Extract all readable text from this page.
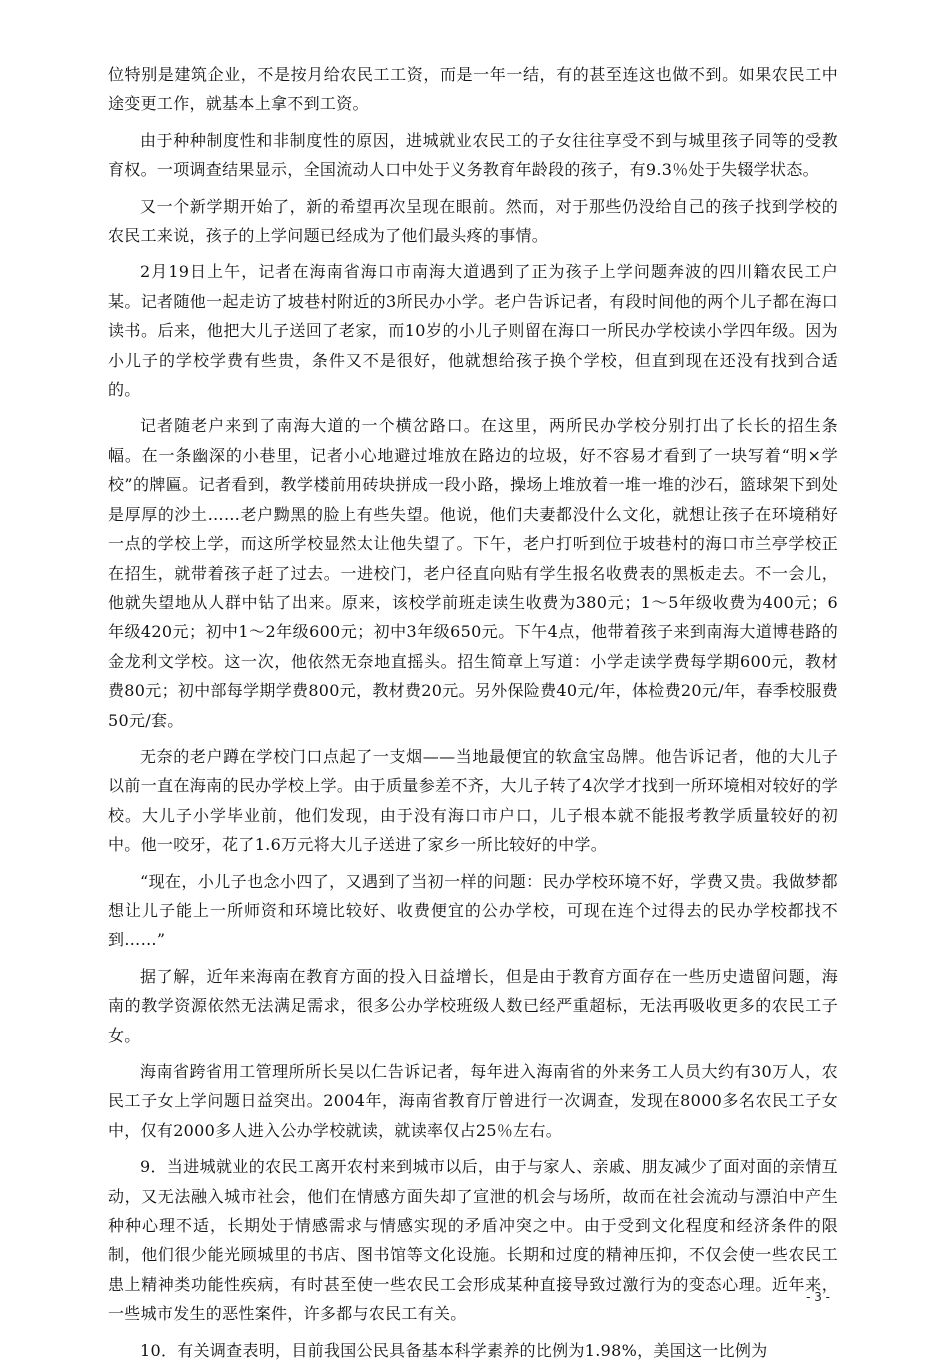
位特别是建筑企业，不是按月给农民工工资，而是一年一结，有的甚至连这也做不到。如果农民工中途变更工作，就基本上拿不到工资。

由于种种制度性和非制度性的原因，进城就业农民工的子女往往享受不到与城里孩子同等的受教育权。一项调查结果显示，全国流动人口中处于义务教育年龄段的孩子，有9.3％处于失辍学状态。

又一个新学期开始了，新的希望再次呈现在眼前。然而，对于那些仍没给自己的孩子找到学校的农民工来说，孩子的上学问题已经成为了他们最头疼的事情。

2月19日上午，记者在海南省海口市南海大道遇到了正为孩子上学问题奔波的四川籍农民工户某。记者随他一起走访了坡巷村附近的3所民办小学。老户告诉记者，有段时间他的两个儿子都在海口读书。后来，他把大儿子送回了老家，而10岁的小儿子则留在海口一所民办学校读小学四年级。因为小儿子的学校学费有些贵，条件又不是很好，他就想给孩子换个学校，但直到现在还没有找到合适的。

记者随老户来到了南海大道的一个横岔路口。在这里，两所民办学校分别打出了长长的招生条幅。在一条幽深的小巷里，记者小心地避过堆放在路边的垃圾，好不容易才看到了一块写着“明×学校”的牌匾。记者看到，教学楼前用砖块拼成一段小路，操场上堆放着一堆一堆的沙石，篮球架下到处是厚厚的沙土……老户黝黑的脸上有些失望。他说，他们夫妻都没什么文化，就想让孩子在环境稍好一点的学校上学，而这所学校显然太让他失望了。下午，老户打听到位于坡巷村的海口市兰亭学校正在招生，就带着孩子赶了过去。一进校门，老户径直向贴有学生报名收费表的黑板走去。不一会儿，他就失望地从人群中钻了出来。原来，该校学前班走读生收费为380元；1～5年级收费为400元；6年级420元；初中1～2年级600元；初中3年级650元。下午4点，他带着孩子来到南海大道博巷路的金龙利文学校。这一次，他依然无奈地直摇头。招生简章上写道：小学走读学费每学期600元，教材费80元；初中部每学期学费800元，教材费20元。另外保险费40元/年，体检费20元/年，春季校服费50元/套。

无奈的老户蹲在学校门口点起了一支烟——当地最便宜的软盒宝岛牌。他告诉记者，他的大儿子以前一直在海南的民办学校上学。由于质量参差不齐，大儿子转了4次学才找到一所环境相对较好的学校。大儿子小学毕业前，他们发现，由于没有海口市户口，儿子根本就不能报考教学质量较好的初中。他一咬牙，花了1.6万元将大儿子送进了家乡一所比较好的中学。

“现在，小儿子也念小四了，又遇到了当初一样的问题：民办学校环境不好，学费又贵。我做梦都想让儿子能上一所师资和环境比较好、收费便宜的公办学校，可现在连个过得去的民办学校都找不到……”

据了解，近年来海南在教育方面的投入日益增长，但是由于教育方面存在一些历史遗留问题，海南的教学资源依然无法满足需求，很多公办学校班级人数已经严重超标，无法再吸收更多的农民工子女。

海南省跨省用工管理所所长吴以仁告诉记者，每年进入海南省的外来务工人员大约有30万人，农民工子女上学问题日益突出。2004年，海南省教育厅曾进行一次调查，发现在8000多名农民工子女中，仅有2000多人进入公办学校就读，就读率仅占25％左右。

9．当进城就业的农民工离开农村来到城市以后，由于与家人、亲戚、朋友减少了面对面的亲情互动，又无法融入城市社会，他们在情感方面失却了宣泄的机会与场所，故而在社会流动与漂泊中产生种种心理不适，长期处于情感需求与情感实现的矛盾冲突之中。由于受到文化程度和经济条件的限制，他们很少能光顾城里的书店、图书馆等文化设施。长期和过度的精神压抑，不仅会使一些农民工患上精神类功能性疾病，有时甚至使一些农民工会形成某种直接导致过激行为的变态心理。近年来，一些城市发生的恶性案件，许多都与农民工有关。

10．有关调查表明，目前我国公民具备基本科学素养的比例为1.98%，美国这一比例为

- 3 -
